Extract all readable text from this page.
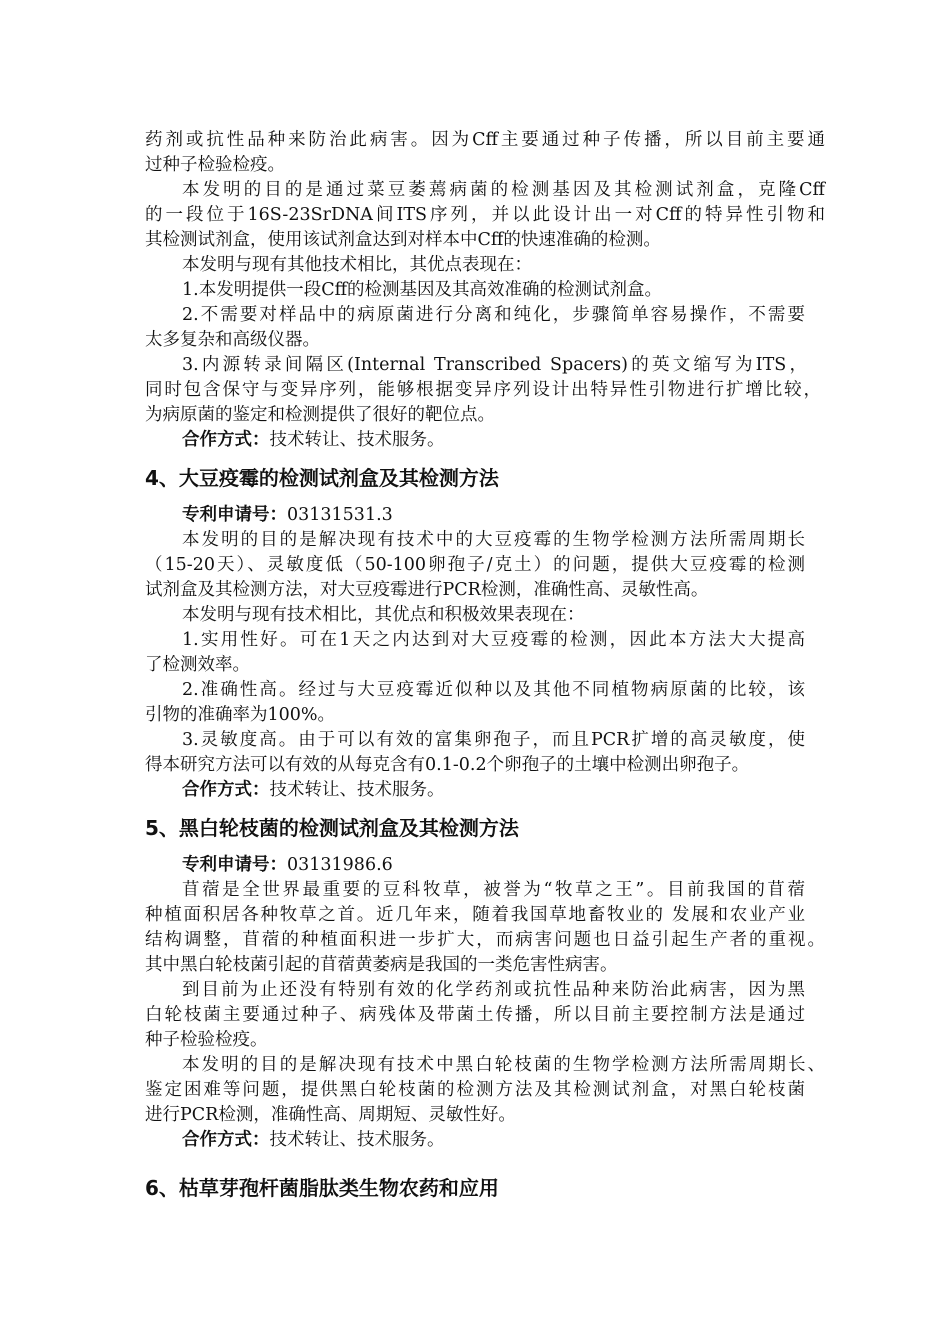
药剂或抗性品种来防治此病害。因为Cff主要通过种子传播，所以目前主要通
过种子检验检疫。
本发明的目的是通过菜豆萎蔫病菌的检测基因及其检测试剂盒，克隆Cff
的一段位于16S-23SrDNA间ITS序列，并以此设计出一对Cff的特异性引物和
其检测试剂盒，使用该试剂盒达到对样本中Cff的快速准确的检测。
本发明与现有其他技术相比，其优点表现在：
1.本发明提供一段Cff的检测基因及其高效准确的检测试剂盒。
2.不需要对样品中的病原菌进行分离和纯化，步骤简单容易操作，不需要
太多复杂和高级仪器。
3.内源转录间隔区(Internal Transcribed Spacers)的英文缩写为ITS，
同时包含保守与变异序列，能够根据变异序列设计出特异性引物进行扩增比较，
为病原菌的鉴定和检测提供了很好的靶位点。
合作方式：技术转让、技术服务。
4、大豆疫霉的检测试剂盒及其检测方法
专利申请号：03131531.3
本发明的目的是解决现有技术中的大豆疫霉的生物学检测方法所需周期长
（15-20天）、灵敏度低（50-100卵孢子/克土）的问题，提供大豆疫霉的检测
试剂盒及其检测方法，对大豆疫霉进行PCR检测，准确性高、灵敏性高。
本发明与现有技术相比，其优点和积极效果表现在：
1.实用性好。可在1天之内达到对大豆疫霉的检测，因此本方法大大提高
了检测效率。
2.准确性高。经过与大豆疫霉近似种以及其他不同植物病原菌的比较，该
引物的准确率为100%。
3.灵敏度高。由于可以有效的富集卵孢子，而且PCR扩增的高灵敏度，使
得本研究方法可以有效的从每克含有0.1-0.2个卵孢子的土壤中检测出卵孢子。
合作方式：技术转让、技术服务。
5、黑白轮枝菌的检测试剂盒及其检测方法
专利申请号：03131986.6
苜蓿是全世界最重要的豆科牧草，被誉为“牧草之王”。目前我国的苜蓿
种植面积居各种牧草之首。近几年来，随着我国草地畜牧业的 发展和农业产业
结构调整，苜蓿的种植面积进一步扩大，而病害问题也日益引起生产者的重视。
其中黑白轮枝菌引起的苜蓿黄萎病是我国的一类危害性病害。
到目前为止还没有特别有效的化学药剂或抗性品种来防治此病害，因为黑
白轮枝菌主要通过种子、病残体及带菌土传播，所以目前主要控制方法是通过
种子检验检疫。
本发明的目的是解决现有技术中黑白轮枝菌的生物学检测方法所需周期长、
鉴定困难等问题，提供黑白轮枝菌的检测方法及其检测试剂盒，对黑白轮枝菌
进行PCR检测，准确性高、周期短、灵敏性好。
合作方式：技术转让、技术服务。
6、枯草芽孢杆菌脂肽类生物农药和应用
